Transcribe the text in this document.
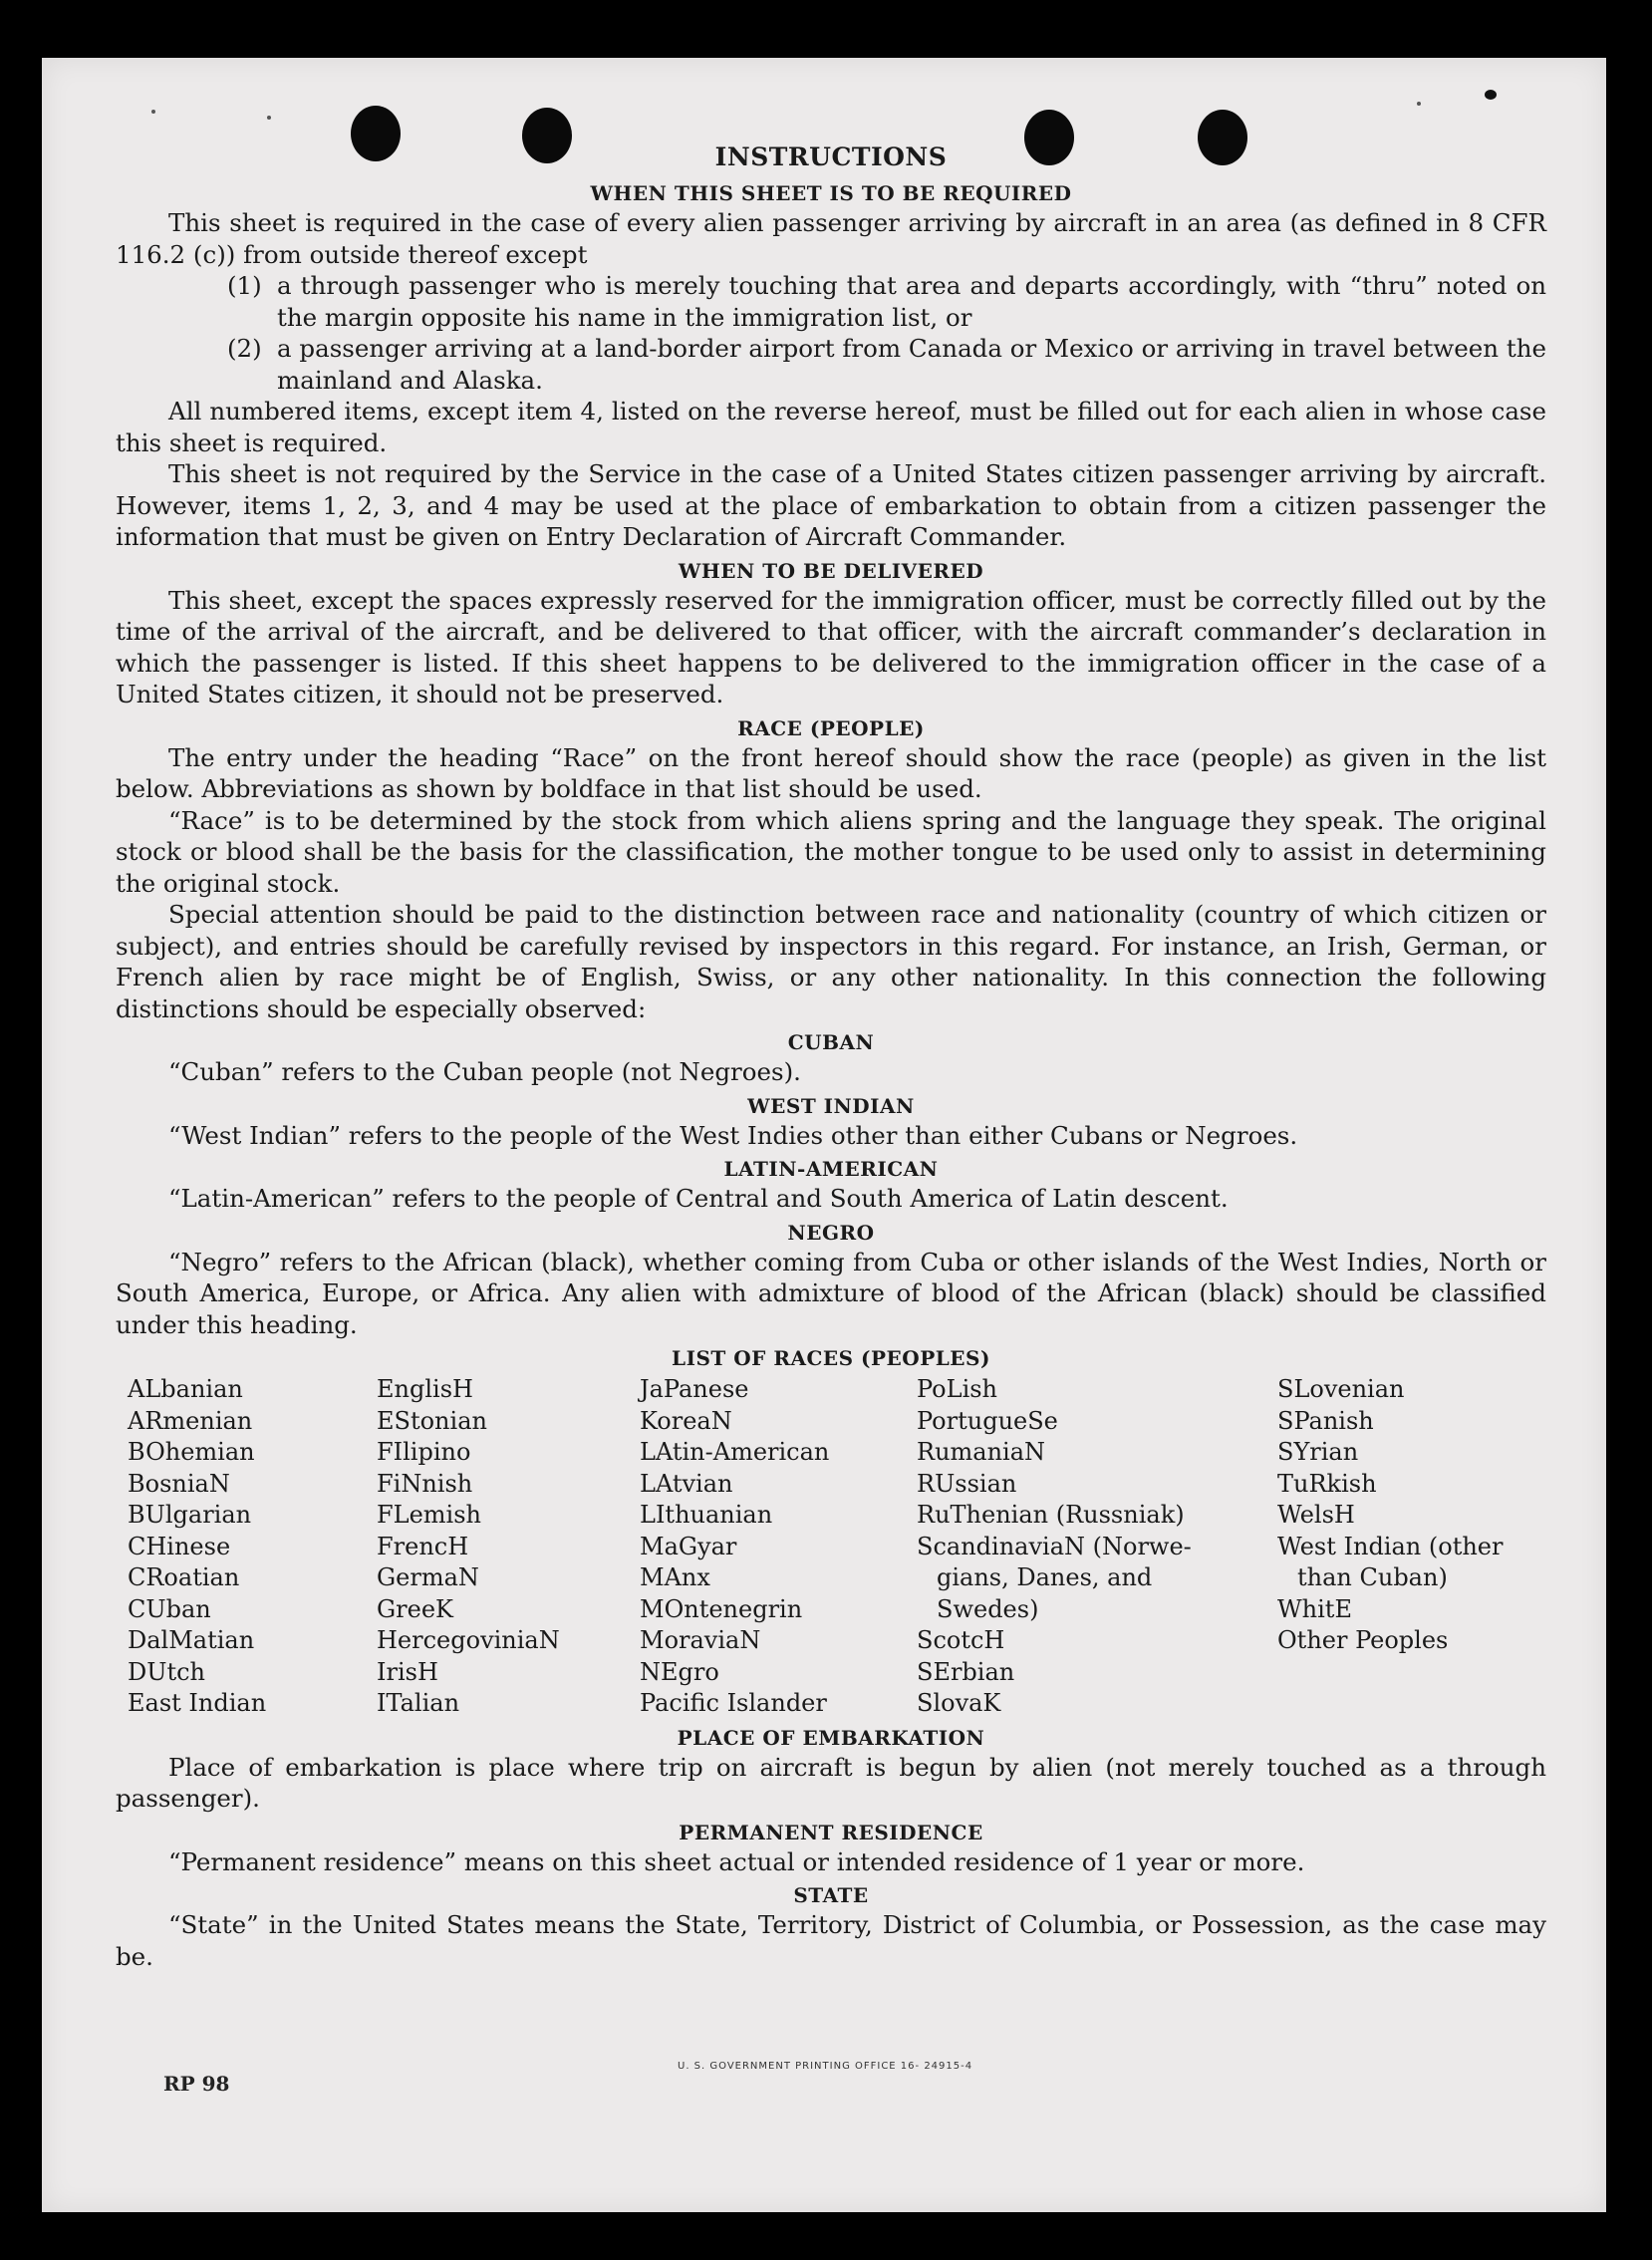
INSTRUCTIONS
WHEN THIS SHEET IS TO BE REQUIRED

This sheet is required in the case of every alien passenger arriving by aircraft in an area (as defined in 8 CFR 116.2 (c)) from outside thereof except

(1) a through passenger who is merely touching that area and departs accordingly, with “thru” noted on the margin opposite his name in the immigration list, or
(2) a passenger arriving at a land-border airport from Canada or Mexico or arriving in travel between the mainland and Alaska.

All numbered items, except item 4, listed on the reverse hereof, must be filled out for each alien in whose case this sheet is required.

This sheet is not required by the Service in the case of a United States citizen passenger arriving by aircraft. However, items 1, 2, 3, and 4 may be used at the place of embarkation to obtain from a citizen passenger the information that must be given on Entry Declaration of Aircraft Commander.

WHEN TO BE DELIVERED

This sheet, except the spaces expressly reserved for the immigration officer, must be correctly filled out by the time of the arrival of the aircraft, and be delivered to that officer, with the aircraft commander’s declaration in which the passenger is listed. If this sheet happens to be delivered to the immigration officer in the case of a United States citizen, it should not be preserved.

RACE (PEOPLE)

The entry under the heading “Race” on the front hereof should show the race (people) as given in the list below. Abbreviations as shown by boldface in that list should be used.

“Race” is to be determined by the stock from which aliens spring and the language they speak. The original stock or blood shall be the basis for the classification, the mother tongue to be used only to assist in determining the original stock.

Special attention should be paid to the distinction between race and nationality (country of which citizen or subject), and entries should be carefully revised by inspectors in this regard. For instance, an Irish, German, or French alien by race might be of English, Swiss, or any other nationality. In this connection the following distinctions should be especially observed:

CUBAN

“Cuban” refers to the Cuban people (not Negroes).

WEST INDIAN

“West Indian” refers to the people of the West Indies other than either Cubans or Negroes.

LATIN-AMERICAN

“Latin-American” refers to the people of Central and South America of Latin descent.

NEGRO

“Negro” refers to the African (black), whether coming from Cuba or other islands of the West Indies, North or South America, Europe, or Africa. Any alien with admixture of blood of the African (black) should be classified under this heading.

LIST OF RACES (PEOPLES)
ALbanian
ARmenian
BOhemian
BosniaN
BUlgarian
CHinese
CRoatian
CUban
DalMatian
DUtch
East Indian
EnglisH
EStonian
FIlipino
FiNnish
FLemish
FrencH
GermaN
GreeK
HercegoviniaN
IrisH
ITalian
JaPanese
KoreaN
LAtin-American
LAtvian
LIthuanian
MaGyar
MAnx
MOntenegrin
MoraviaN
NEgro
Pacific Islander
PoLish
PortugueSe
RumaniaN
RUssian
RuThenian (Russniak)
ScandinaviaN (Norwe-
gians, Danes, and
Swedes)
ScotcH
SErbian
SlovaK
SLovenian
SPanish
SYrian
TuRkish
WelsH
West Indian (other
than Cuban)
WhitE
Other Peoples
PLACE OF EMBARKATION

Place of embarkation is place where trip on aircraft is begun by alien (not merely touched as a through passenger).

PERMANENT RESIDENCE

“Permanent residence” means on this sheet actual or intended residence of 1 year or more.

STATE

“State” in the United States means the State, Territory, District of Columbia, or Possession, as the case may be.

RP 98
U. S. GOVERNMENT PRINTING OFFICE 16- 24915-4
